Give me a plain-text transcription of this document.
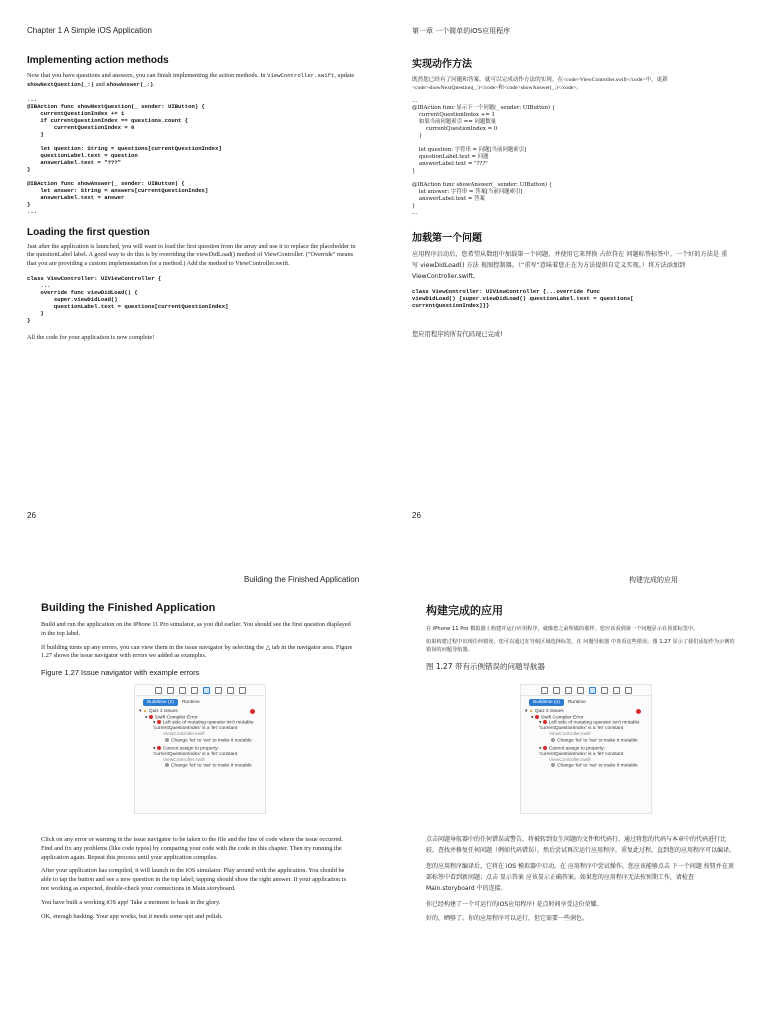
Chapter 1 A Simple iOS Application
Implementing action methods

Now that you have questions and answers, you can finish implementing the action methods. In ViewController.swift, update showNextQuestion(_:) and showAnswer(_:).

...
@IBAction func showNextQuestion(_ sender: UIButton) {
currentQuestionIndex += 1
if currentQuestionIndex == questions.count {
currentQuestionIndex = 0
}

let question: String = questions[currentQuestionIndex]
questionLabel.text = question
answerLabel.text = "???"
}

@IBAction func showAnswer(_ sender: UIButton) {
let answer: String = answers[currentQuestionIndex]
answerLabel.text = answer
}
...
Loading the first question

Just after the application is launched, you will want to load the first question from the array and use it to replace the placeholder in the questionLabel label. A good way to do this is by overriding the viewDidLoad() method of ViewController. ("Override" means that you are providing a custom implementation for a method.) Add the method to ViewController.swift.

class ViewController: UIViewController {
...
override func viewDidLoad() {
super.viewDidLoad()
questionLabel.text = questions[currentQuestionIndex]
}
}

All the code for your application is now complete!

26
第一章 一个简单的iOS应用程序
实现动作方法

既然您已经有了问题和答案，就可以完成动作方法的实现。在<code>ViewController.swift</code>中，更新<code>showNextQuestion(_:)</code>和<code>showAnswer(_:)</code>。

...
@IBAction func 显示下一个问题(_ sender: UIButton) {
currentQuestionIndex += 1
如果当前问题索引 == 问题数量
currentQuestionIndex = 0
}

let question: 字符串 = 问题[当前问题索引]
questionLabel.text = 问题
answerLabel.text = "???"
}

@IBAction func showAnswer(_ sender: UIButton) {
let answer: 字符串 = 答案[当前问题索引]
answerLabel.text = 答案
}
...
加载第一个问题

应用程序启动后，您希望从数组中加载第一个问题，并使用它来替换 占位符在 问题标签标签中。一个好的方法是 重写 viewDidLoad() 方法 视图控制器。（“重写”意味着您正在为方法提供自定义实现。）将方法添加到 ViewController.swift。

class ViewController: UIViewController {...override func
viewDidLoad() {super.viewDidLoad() questionLabel.text = questions[
currentQuestionIndex]}}

您应用程序的所有代码现已完成!

26
Building the Finished Application
Building the Finished Application

Build and run the application on the iPhone 11 Pro simulator, as you did earlier. You should see the first question displayed in the top label.

If building turns up any errors, you can view them in the issue navigator by selecting the △ tab in the navigator area. Figure 1.27 shows the issue navigator with errors we added as examples.

Figure 1.27 Issue navigator with example errors

Buildtime (2)	Runtime
▾ ▲ Quiz 2 issues
▾ Swift Compiler Error
▾ Left side of mutating operator isn't mutable: 'currentQuestionIndex' is a 'let' constant
ViewController.swift
Change 'let' to 'var' to make it mutable
▾ Cannot assign to property: 'currentQuestionIndex' is a 'let' constant
ViewController.swift
Change 'let' to 'var' to make it mutable

Click on any error or warning in the issue navigator to be taken to the file and the line of code where the issue occurred. Find and fix any problems (like code typos) by comparing your code with the code in this chapter. Then try running the application again. Repeat this process until your application compiles.

After your application has compiled, it will launch in the iOS simulator. Play around with the application. You should be able to tap the button and see a new question in the top label; tapping should show the right answer. If your application is not working as expected, double-check your connections in Main.storyboard.

You have built a working iOS app! Take a moment to bask in the glory.

OK, enough basking. Your app works, but it needs some spit and polish.

构建完成的应用
构建完成的应用

在 iPhone 11 Pro 模拟器上构建并运行应用程序，就像您之前所做的那样。您应该看到第一个问题显示在顶部标签中。

如果构建过程中出现任何错误，您可以通过在导航区域选择标签，在 问题导航器 中查看这些错误。图 1.27 显示了我们添加作为示例的错误的问题导航器。

图 1.27 带有示例错误的问题导航器

Buildtime (2)	Runtime
▾ ▲ Quiz 2 issues
▾ Swift Compiler Error
▾ Left side of mutating operator isn't mutable: 'currentQuestionIndex' is a 'let' constant
ViewController.swift
Change 'let' to 'var' to make it mutable
▾ Cannot assign to property: 'currentQuestionIndex' is a 'let' constant
ViewController.swift
Change 'let' to 'var' to make it mutable

点击问题导航器中的任何错误或警告，将被转到发生问题的文件和代码行。通过将您的代码与本章中的代码进行比较，查找并修复任何问题（例如代码错误）。然后尝试再次运行应用程序。重复此过程，直到您的应用程序可以编译。

您的应用程序编译后，它将在 iOS 模拟器中启动。在 应用程序中尝试操作。您应该能够点击 下一个问题 按钮并在顶部标签中看到新问题；点击 显示答案 应该显示正确答案。如果您的应用程序无法按预期工作，请检查 Main.storyboard 中的连接。

你已经构建了一个可运行的iOS应用程序! 花点时间享受这份荣耀。

好的，晒够了。你的应用程序可以运行，但它需要一些润色。
